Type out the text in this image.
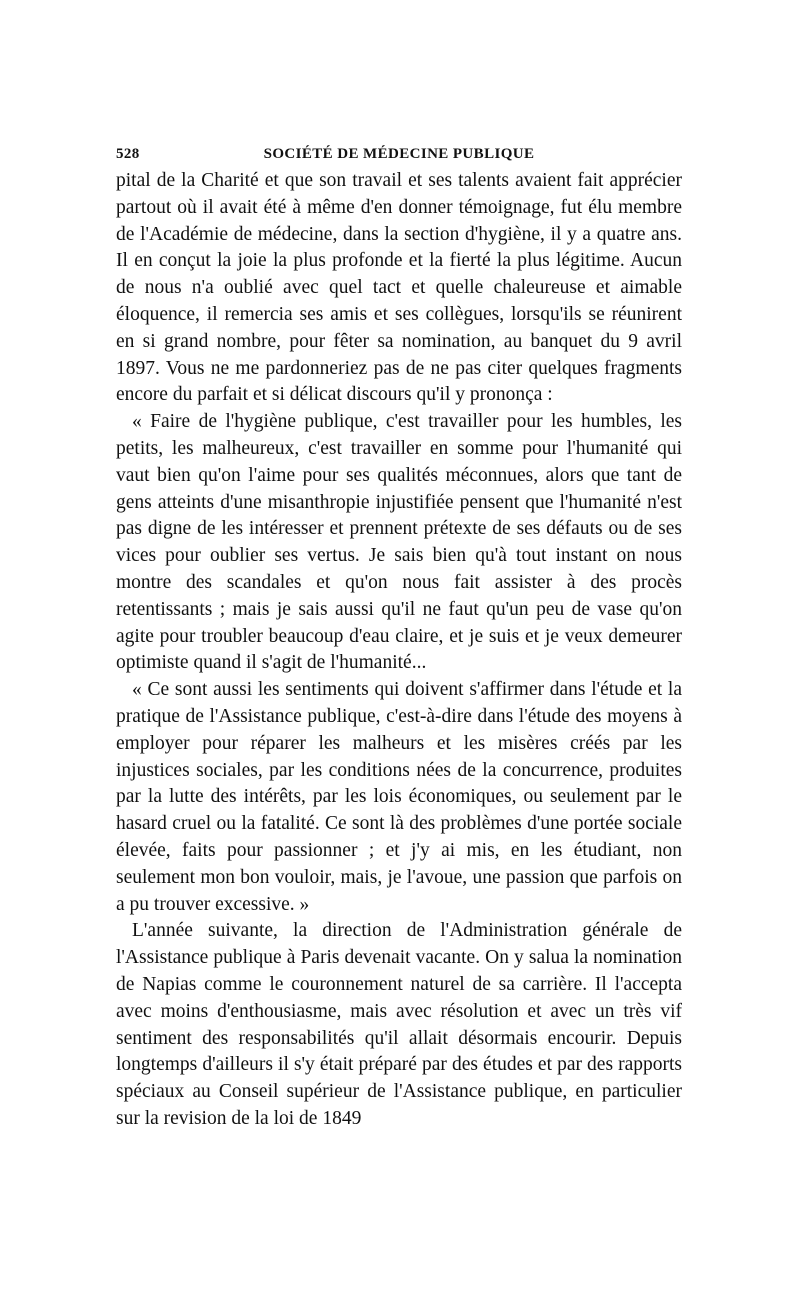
528	SOCIÉTÉ DE MÉDECINE PUBLIQUE

pital de la Charité et que son travail et ses talents avaient fait apprécier partout où il avait été à même d'en donner témoignage, fut élu membre de l'Académie de médecine, dans la section d'hygiène, il y a quatre ans. Il en conçut la joie la plus profonde et la fierté la plus légitime. Aucun de nous n'a oublié avec quel tact et quelle chaleureuse et aimable éloquence, il remercia ses amis et ses collègues, lorsqu'ils se réunirent en si grand nombre, pour fêter sa nomination, au banquet du 9 avril 1897. Vous ne me pardonneriez pas de ne pas citer quelques fragments encore du parfait et si délicat discours qu'il y prononça :

« Faire de l'hygiène publique, c'est travailler pour les humbles, les petits, les malheureux, c'est travailler en somme pour l'humanité qui vaut bien qu'on l'aime pour ses qualités méconnues, alors que tant de gens atteints d'une misanthropie injustifiée pensent que l'humanité n'est pas digne de les intéresser et prennent prétexte de ses défauts ou de ses vices pour oublier ses vertus. Je sais bien qu'à tout instant on nous montre des scandales et qu'on nous fait assister à des procès retentissants ; mais je sais aussi qu'il ne faut qu'un peu de vase qu'on agite pour troubler beaucoup d'eau claire, et je suis et je veux demeurer optimiste quand il s'agit de l'humanité...

« Ce sont aussi les sentiments qui doivent s'affirmer dans l'étude et la pratique de l'Assistance publique, c'est-à-dire dans l'étude des moyens à employer pour réparer les malheurs et les misères créés par les injustices sociales, par les conditions nées de la concurrence, produites par la lutte des intérêts, par les lois économiques, ou seulement par le hasard cruel ou la fatalité. Ce sont là des problèmes d'une portée sociale élevée, faits pour passionner ; et j'y ai mis, en les étudiant, non seulement mon bon vouloir, mais, je l'avoue, une passion que parfois on a pu trouver excessive. »

L'année suivante, la direction de l'Administration générale de l'Assistance publique à Paris devenait vacante. On y salua la nomination de Napias comme le couronnement naturel de sa carrière. Il l'accepta avec moins d'enthousiasme, mais avec résolution et avec un très vif sentiment des responsabilités qu'il allait désormais encourir. Depuis longtemps d'ailleurs il s'y était préparé par des études et par des rapports spéciaux au Conseil supérieur de l'Assistance publique, en particulier sur la revision de la loi de 1849
